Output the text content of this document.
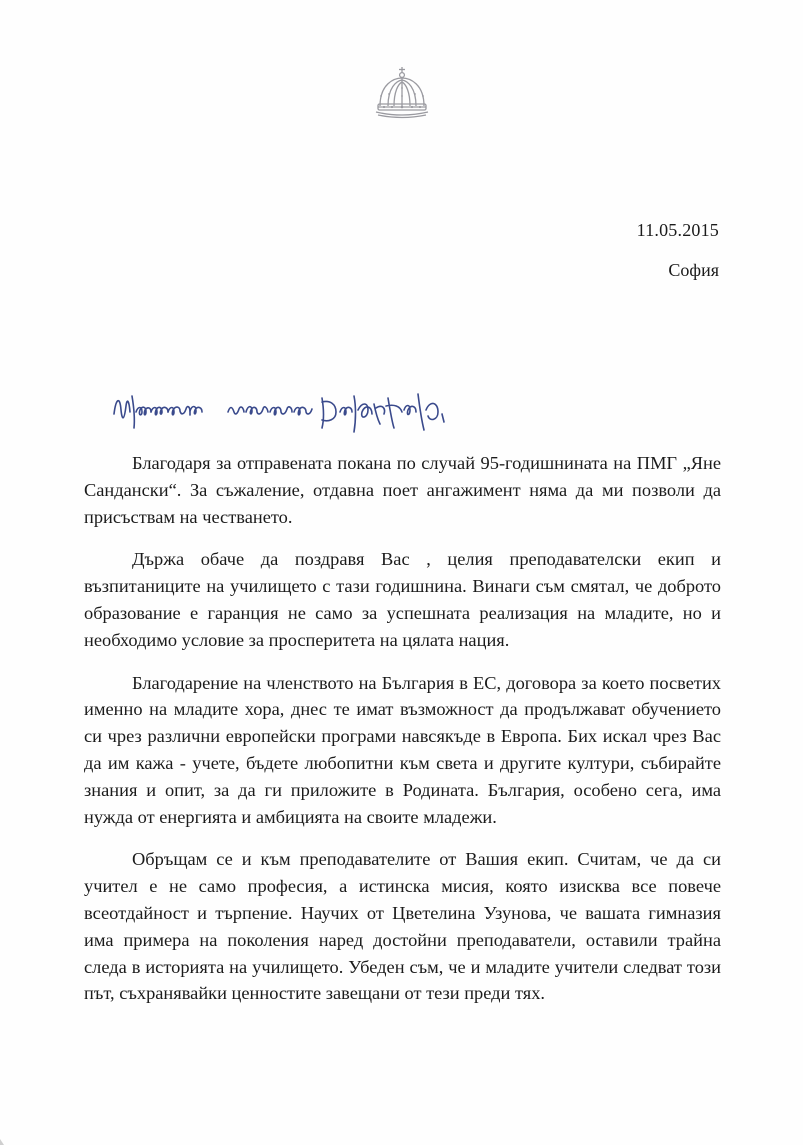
11.05.2015
София

Благодаря за отправената покана по случай 95-годишнината на ПМГ „Яне Сандански“. За съжаление, отдавна поет ангажимент няма да ми позволи да присъствам на честването.

Държа обаче да поздравя Вас , целия преподавателски екип и възпитаниците на училището с тази годишнина. Винаги съм смятал, че доброто образование е гаранция не само за успешната реализация на младите, но и необходимо условие за просперитета на цялата нация.

Благодарение на членството на България в ЕС, договора за което посветих именно на младите хора, днес те имат възможност да продължават обучението си чрез различни европейски програми навсякъде в Европа. Бих искал чрез Вас да им кажа - учете, бъдете любопитни към света и другите култури, събирайте знания и опит, за да ги приложите в Родината. България, особено сега, има нужда от енергията и амбицията на своите младежи.

Обръщам се и към преподавателите от Вашия екип. Считам, че да си учител е не само професия, а истинска мисия, която изисква все повече всеотдайност и търпение. Научих от Цветелина Узунова, че вашата гимназия има примера на поколения наред достойни преподаватели, оставили трайна следа в историята на училището. Убеден съм, че и младите учители следват този път, съхранявайки ценностите завещани от тези преди тях.
